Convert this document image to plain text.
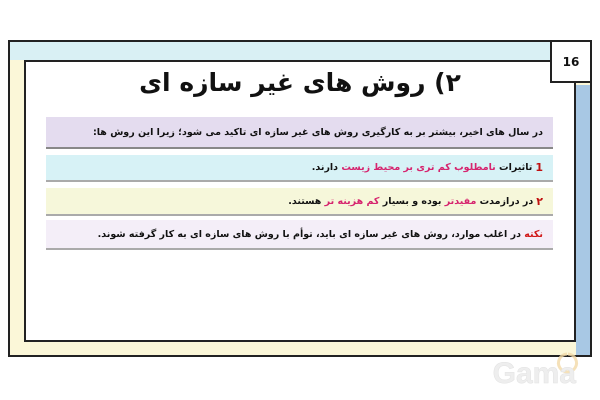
16
۲) روش های غیر سازه ای
در سال های اخیر، بیشتر بر به کارگیری روش های غیر سازه ای تاکید می شود؛ زیرا این روش ها:
1
تاثیرات

نامطلوب کم تری بر محیط زیست

دارند.
۲
در درازمدت

مفیدتر

بوده و بسیار

کم هزینه تر

هستند.
نکته

در اغلب موارد، روش های غیر سازه ای باید، توأم با روش های سازه ای به کار گرفته شوند.
Gama
